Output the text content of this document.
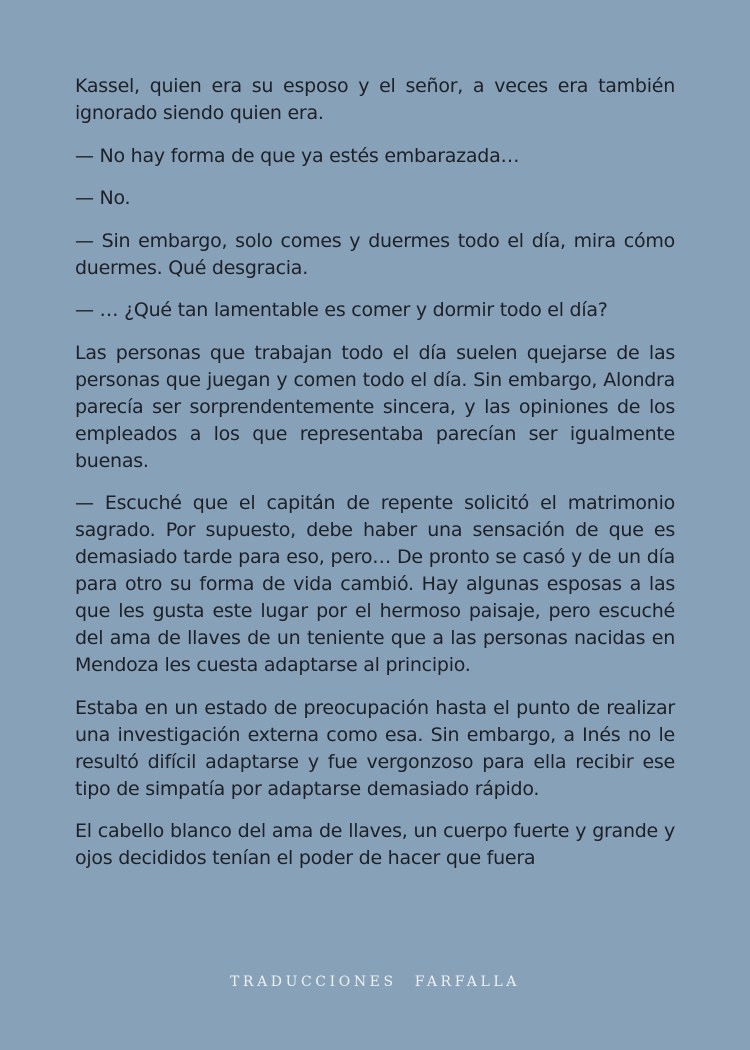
Kassel, quien era su esposo y el señor, a veces era también ignorado siendo quien era.

— No hay forma de que ya estés embarazada…

— No.

— Sin embargo, solo comes y duermes todo el día, mira cómo duermes. Qué desgracia.

— … ¿Qué tan lamentable es comer y dormir todo el día?

Las personas que trabajan todo el día suelen quejarse de las personas que juegan y comen todo el día. Sin embargo, Alondra parecía ser sorprendentemente sincera, y las opiniones de los empleados a los que representaba parecían ser igualmente buenas.

— Escuché que el capitán de repente solicitó el matrimonio sagrado. Por supuesto, debe haber una sensación de que es demasiado tarde para eso, pero… De pronto se casó y de un día para otro su forma de vida cambió. Hay algunas esposas a las que les gusta este lugar por el hermoso paisaje, pero escuché del ama de llaves de un teniente que a las personas nacidas en Mendoza les cuesta adaptarse al principio.

Estaba en un estado de preocupación hasta el punto de realizar una investigación externa como esa. Sin embargo, a Inés no le resultó difícil adaptarse y fue vergonzoso para ella recibir ese tipo de simpatía por adaptarse demasiado rápido.

El cabello blanco del ama de llaves, un cuerpo fuerte y grande y ojos decididos tenían el poder de hacer que fuera

TRADUCCIONES FARFALLA
